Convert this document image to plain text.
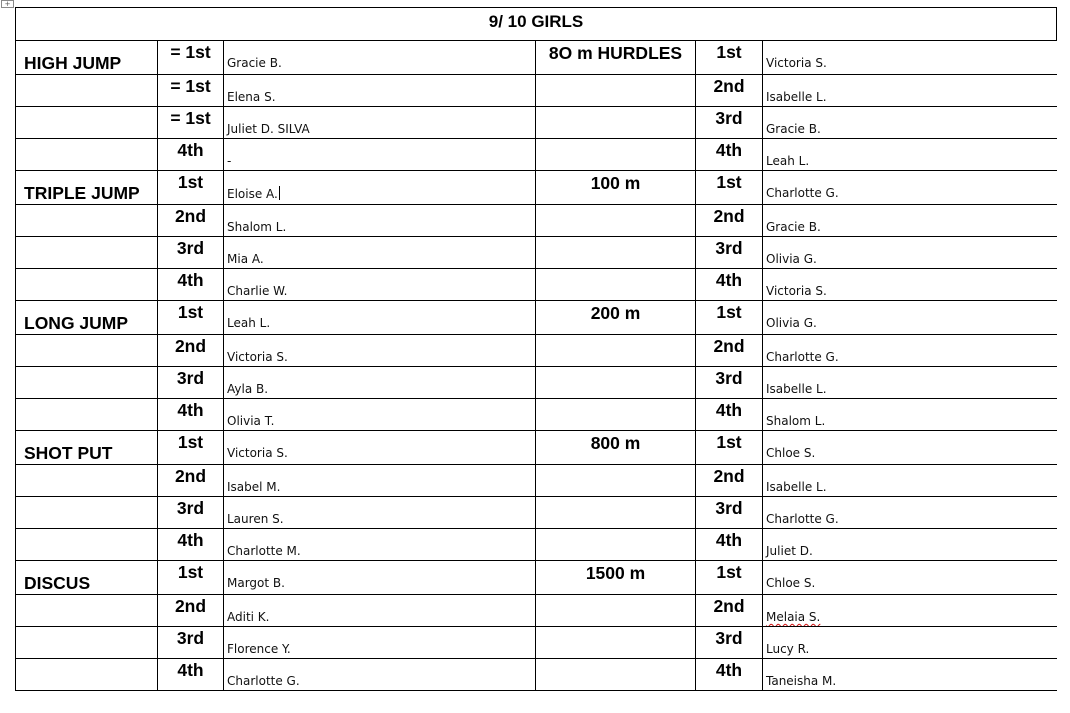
+
9/ 10 GIRLS					
HIGH JUMP	= 1st	Gracie B.	8O m HURDLES	1st	Victoria S.
	= 1st	Elena S.		2nd	Isabelle L.
	= 1st	Juliet D. SILVA		3rd	Gracie B.
	4th	-		4th	Leah L.
TRIPLE JUMP	1st	Eloise A.	100 m	1st	Charlotte G.
	2nd	Shalom L.		2nd	Gracie B.
	3rd	Mia A.		3rd	Olivia G.
	4th	Charlie W.		4th	Victoria S.
LONG JUMP	1st	Leah L.	200 m	1st	Olivia G.
	2nd	Victoria S.		2nd	Charlotte G.
	3rd	Ayla B.		3rd	Isabelle L.
	4th	Olivia T.		4th	Shalom L.
SHOT PUT	1st	Victoria S.	800 m	1st	Chloe S.
	2nd	Isabel M.		2nd	Isabelle L.
	3rd	Lauren S.		3rd	Charlotte G.
	4th	Charlotte M.		4th	Juliet D.
DISCUS	1st	Margot B.	1500 m	1st	Chloe S.
	2nd	Aditi K.		2nd	Melaia S.
	3rd	Florence Y.		3rd	Lucy R.
	4th	Charlotte G.		4th	Taneisha M.
